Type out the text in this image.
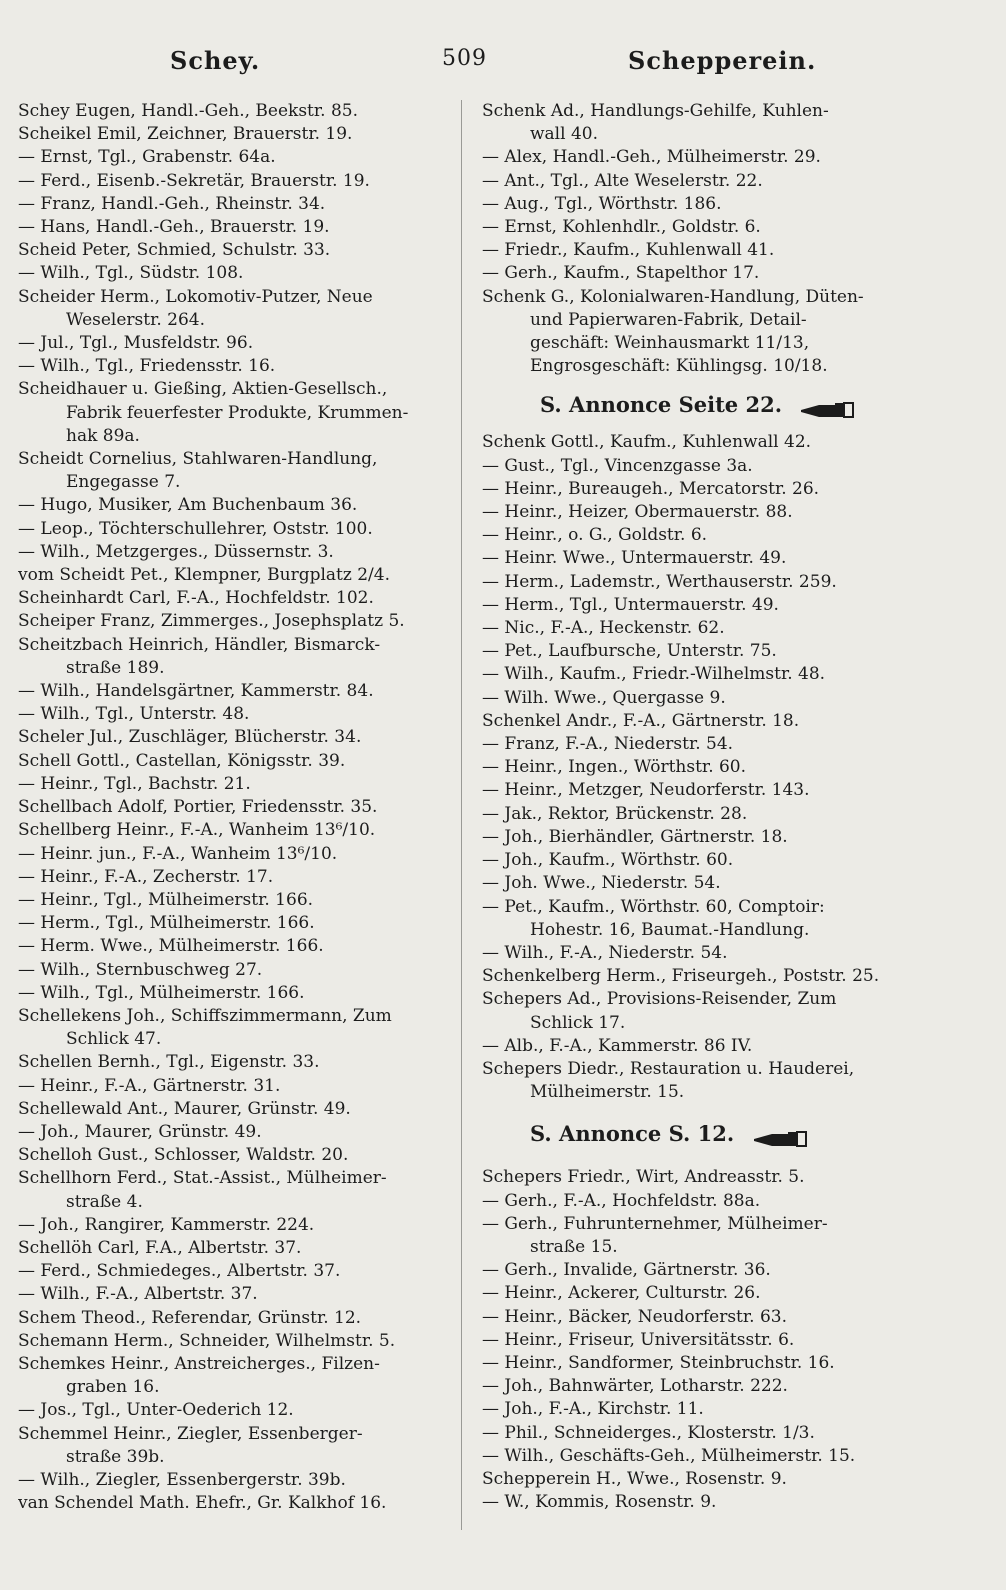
Schey.	509	Schepperein.
Schey Eugen, Handl.-Geh., Beekstr. 85.
Scheikel Emil, Zeichner, Brauerstr. 19.
— Ernst, Tgl., Grabenstr. 64a.
— Ferd., Eisenb.-Sekretär, Brauerstr. 19.
— Franz, Handl.-Geh., Rheinstr. 34.
— Hans, Handl.-Geh., Brauerstr. 19.
Scheid Peter, Schmied, Schulstr. 33.
— Wilh., Tgl., Südstr. 108.
Scheider Herm., Lokomotiv-Putzer, Neue
Weselerstr. 264.
— Jul., Tgl., Musfeldstr. 96.
— Wilh., Tgl., Friedensstr. 16.
Scheidhauer u. Gießing, Aktien-Gesellsch.,
Fabrik feuerfester Produkte, Krummen-
hak 89a.
Scheidt Cornelius, Stahlwaren-Handlung,
Engegasse 7.
— Hugo, Musiker, Am Buchenbaum 36.
— Leop., Töchterschullehrer, Oststr. 100.
— Wilh., Metzgerges., Düssernstr. 3.
vom Scheidt Pet., Klempner, Burgplatz 2/4.
Scheinhardt Carl, F.-A., Hochfeldstr. 102.
Scheiper Franz, Zimmerges., Josephsplatz 5.
Scheitzbach Heinrich, Händler, Bismarck-
straße 189.
— Wilh., Handelsgärtner, Kammerstr. 84.
— Wilh., Tgl., Unterstr. 48.
Scheler Jul., Zuschläger, Blücherstr. 34.
Schell Gottl., Castellan, Königsstr. 39.
— Heinr., Tgl., Bachstr. 21.
Schellbach Adolf, Portier, Friedensstr. 35.
Schellberg Heinr., F.-A., Wanheim 13⁶/10.
— Heinr. jun., F.-A., Wanheim 13⁶/10.
— Heinr., F.-A., Zecherstr. 17.
— Heinr., Tgl., Mülheimerstr. 166.
— Herm., Tgl., Mülheimerstr. 166.
— Herm. Wwe., Mülheimerstr. 166.
— Wilh., Sternbuschweg 27.
— Wilh., Tgl., Mülheimerstr. 166.
Schellekens Joh., Schiffszimmermann, Zum
Schlick 47.
Schellen Bernh., Tgl., Eigenstr. 33.
— Heinr., F.-A., Gärtnerstr. 31.
Schellewald Ant., Maurer, Grünstr. 49.
— Joh., Maurer, Grünstr. 49.
Schelloh Gust., Schlosser, Waldstr. 20.
Schellhorn Ferd., Stat.-Assist., Mülheimer-
straße 4.
— Joh., Rangirer, Kammerstr. 224.
Schellöh Carl, F.A., Albertstr. 37.
— Ferd., Schmiedeges., Albertstr. 37.
— Wilh., F.-A., Albertstr. 37.
Schem Theod., Referendar, Grünstr. 12.
Schemann Herm., Schneider, Wilhelmstr. 5.
Schemkes Heinr., Anstreicherges., Filzen-
graben 16.
— Jos., Tgl., Unter-Oederich 12.
Schemmel Heinr., Ziegler, Essenberger-
straße 39b.
— Wilh., Ziegler, Essenbergerstr. 39b.
van Schendel Math. Ehefr., Gr. Kalkhof 16.
Schenk Ad., Handlungs-Gehilfe, Kuhlen-
wall 40.
— Alex, Handl.-Geh., Mülheimerstr. 29.
— Ant., Tgl., Alte Weselerstr. 22.
— Aug., Tgl., Wörthstr. 186.
— Ernst, Kohlenhdlr., Goldstr. 6.
— Friedr., Kaufm., Kuhlenwall 41.
— Gerh., Kaufm., Stapelthor 17.
Schenk G., Kolonialwaren-Handlung, Düten-
und Papierwaren-Fabrik, Detail-
geschäft: Weinhausmarkt 11/13,
Engrosgeschäft: Kühlingsg. 10/18.
S. Annonce Seite 22.
Schenk Gottl., Kaufm., Kuhlenwall 42.
— Gust., Tgl., Vincenzgasse 3a.
— Heinr., Bureaugeh., Mercatorstr. 26.
— Heinr., Heizer, Obermauerstr. 88.
— Heinr., o. G., Goldstr. 6.
— Heinr. Wwe., Untermauerstr. 49.
— Herm., Lademstr., Werthauserstr. 259.
— Herm., Tgl., Untermauerstr. 49.
— Nic., F.-A., Heckenstr. 62.
— Pet., Laufbursche, Unterstr. 75.
— Wilh., Kaufm., Friedr.-Wilhelmstr. 48.
— Wilh. Wwe., Quergasse 9.
Schenkel Andr., F.-A., Gärtnerstr. 18.
— Franz, F.-A., Niederstr. 54.
— Heinr., Ingen., Wörthstr. 60.
— Heinr., Metzger, Neudorferstr. 143.
— Jak., Rektor, Brückenstr. 28.
— Joh., Bierhändler, Gärtnerstr. 18.
— Joh., Kaufm., Wörthstr. 60.
— Joh. Wwe., Niederstr. 54.
— Pet., Kaufm., Wörthstr. 60, Comptoir:
Hohestr. 16, Baumat.-Handlung.
— Wilh., F.-A., Niederstr. 54.
Schenkelberg Herm., Friseurgeh., Poststr. 25.
Schepers Ad., Provisions-Reisender, Zum
Schlick 17.
— Alb., F.-A., Kammerstr. 86 IV.
Schepers Diedr., Restauration u. Hauderei,
Mülheimerstr. 15.
S. Annonce S. 12.
Schepers Friedr., Wirt, Andreasstr. 5.
— Gerh., F.-A., Hochfeldstr. 88a.
— Gerh., Fuhrunternehmer, Mülheimer-
straße 15.
— Gerh., Invalide, Gärtnerstr. 36.
— Heinr., Ackerer, Culturstr. 26.
— Heinr., Bäcker, Neudorferstr. 63.
— Heinr., Friseur, Universitätsstr. 6.
— Heinr., Sandformer, Steinbruchstr. 16.
— Joh., Bahnwärter, Lotharstr. 222.
— Joh., F.-A., Kirchstr. 11.
— Phil., Schneiderges., Klosterstr. 1/3.
— Wilh., Geschäfts-Geh., Mülheimerstr. 15.
Schepperein H., Wwe., Rosenstr. 9.
— W., Kommis, Rosenstr. 9.
